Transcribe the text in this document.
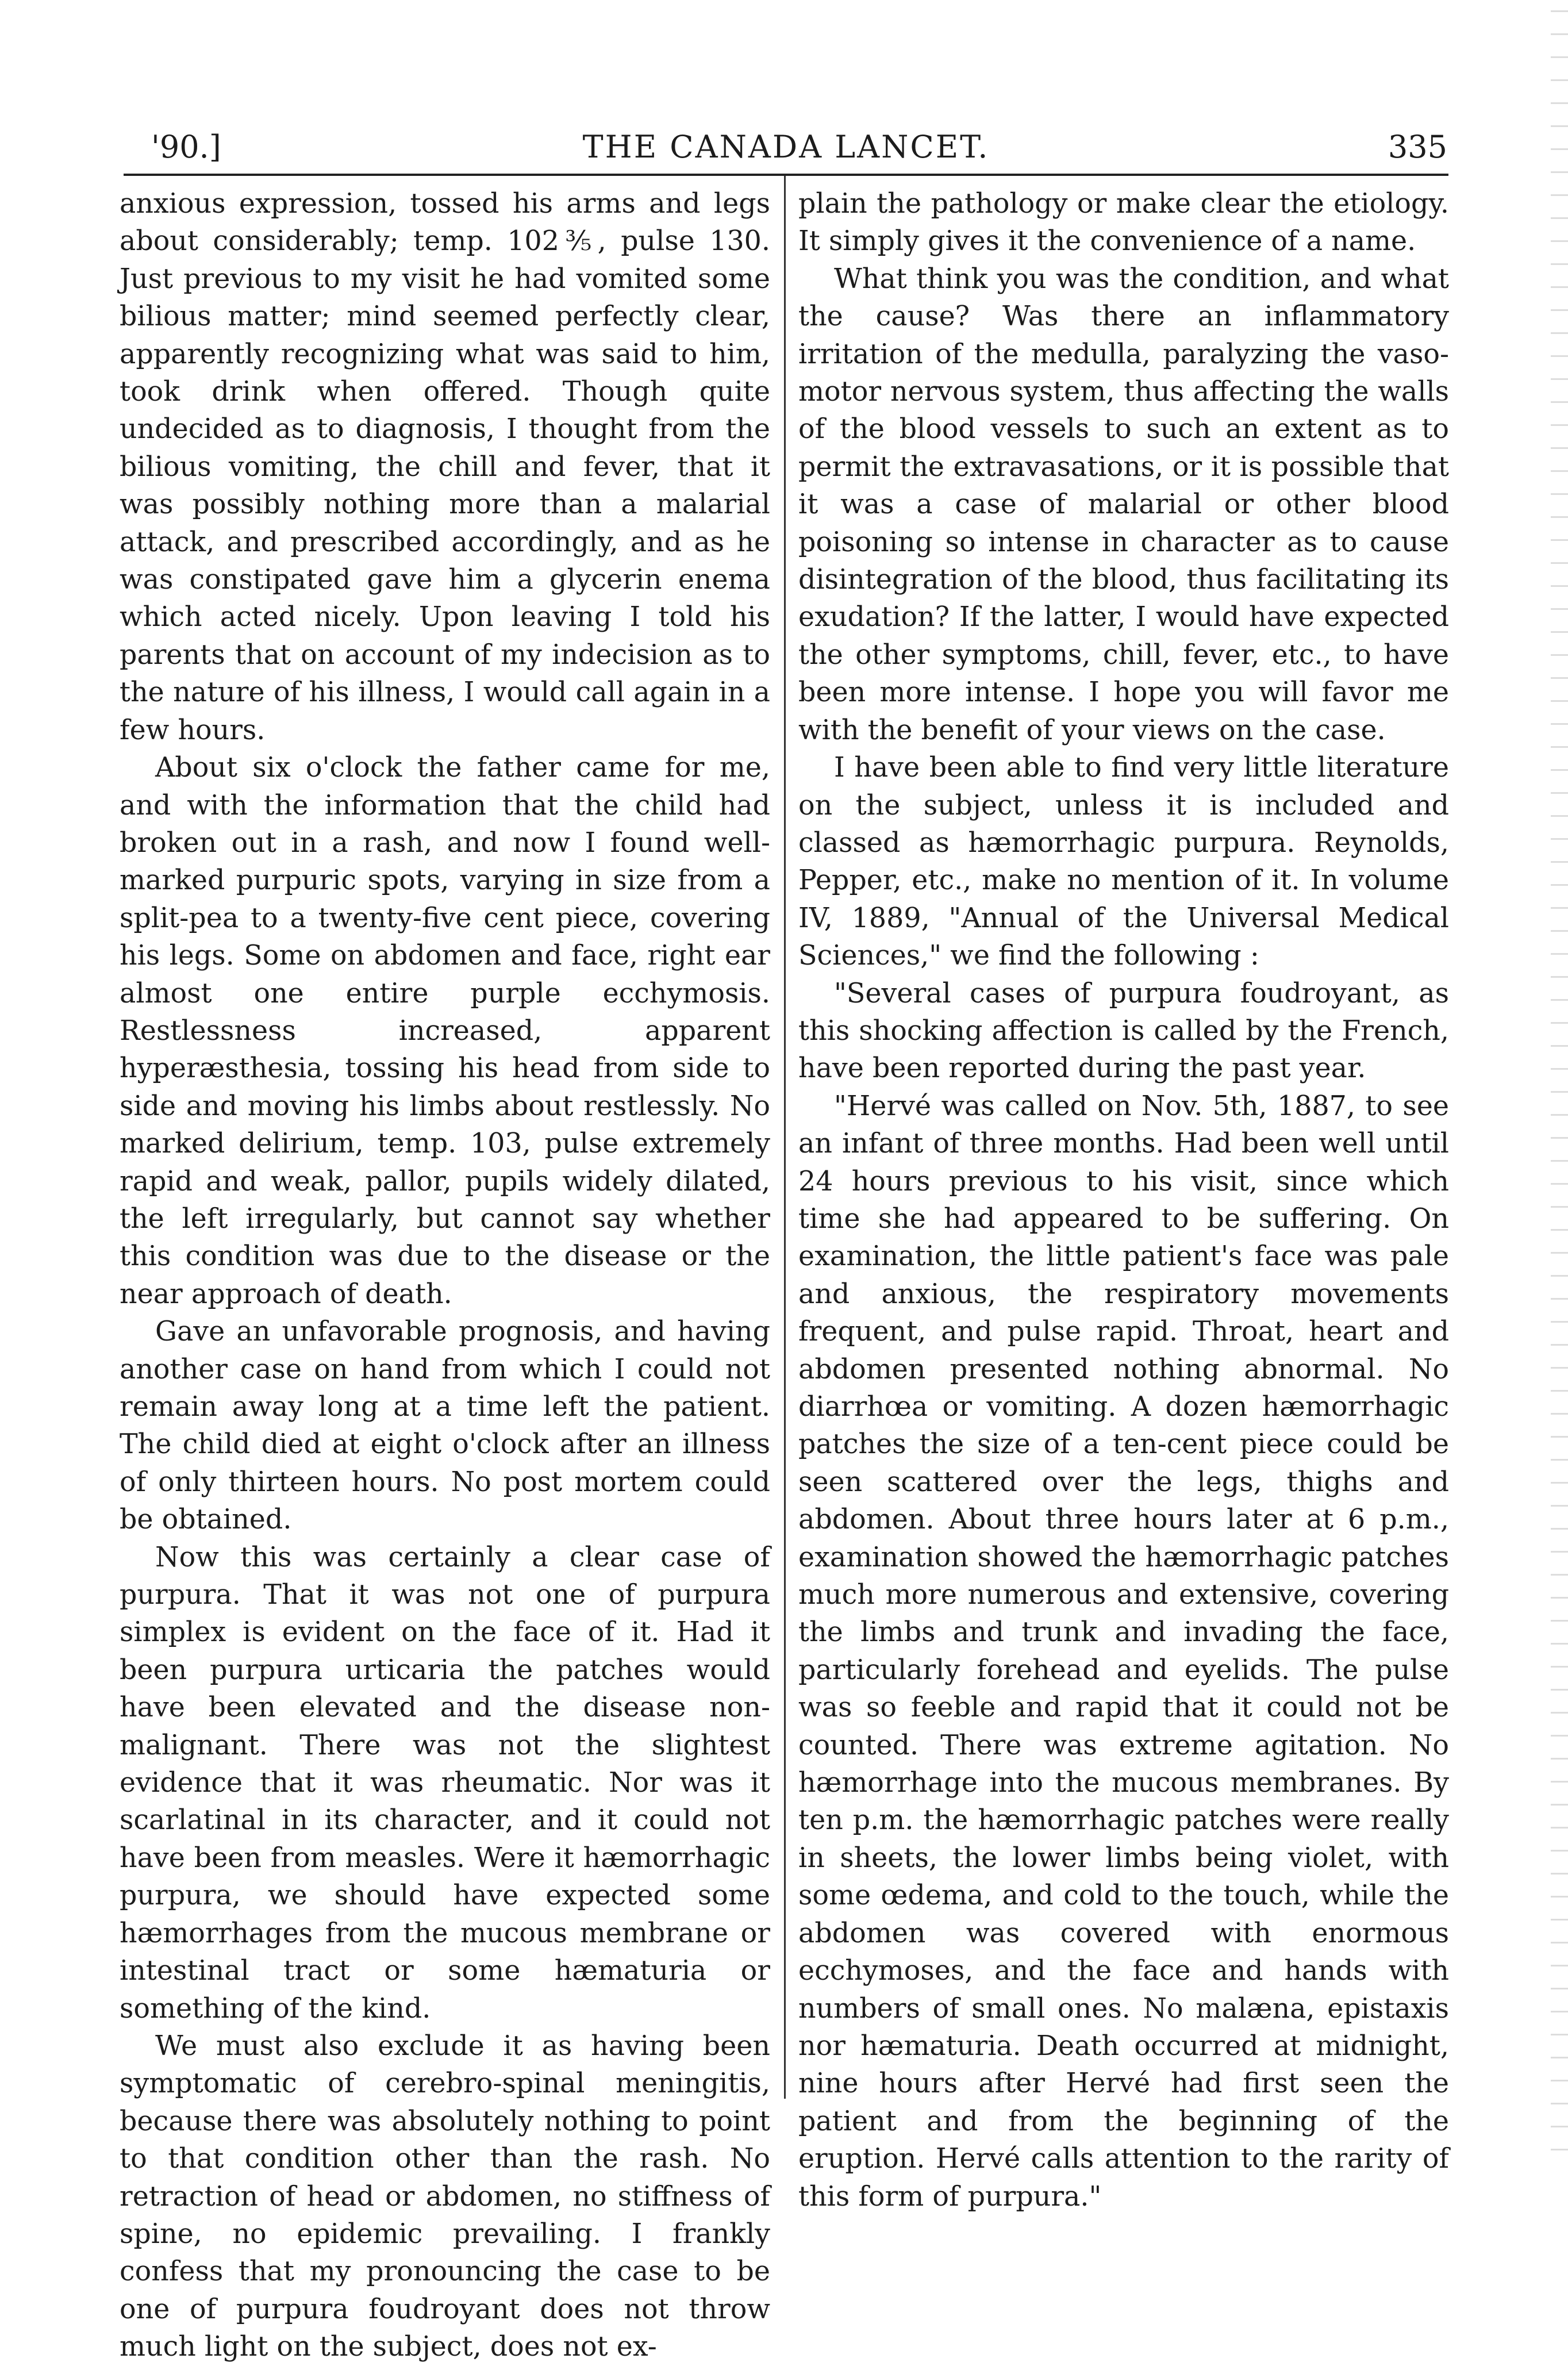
'90.]	THE CANADA LANCET.	335

anxious expression, tossed his arms and legs about considerably; temp. 102⅗, pulse 130. Just previous to my visit he had vomited some bilious matter; mind seemed perfectly clear, apparently recognizing what was said to him, took drink when offered. Though quite undecided as to diagnosis, I thought from the bilious vomiting, the chill and fever, that it was possibly nothing more than a malarial attack, and prescribed accordingly, and as he was constipated gave him a glycerin enema which acted nicely. Upon leaving I told his parents that on account of my indecision as to the nature of his illness, I would call again in a few hours.

About six o'clock the father came for me, and with the information that the child had broken out in a rash, and now I found well-marked purpuric spots, varying in size from a split-pea to a twenty-five cent piece, covering his legs. Some on abdomen and face, right ear almost one entire purple ecchymosis. Restlessness increased, apparent hyperæsthesia, tossing his head from side to side and moving his limbs about restlessly. No marked delirium, temp. 103, pulse extremely rapid and weak, pallor, pupils widely dilated, the left irregularly, but cannot say whether this condition was due to the disease or the near approach of death.

Gave an unfavorable prognosis, and having another case on hand from which I could not remain away long at a time left the patient. The child died at eight o'clock after an illness of only thirteen hours. No post mortem could be obtained.

Now this was certainly a clear case of purpura. That it was not one of purpura simplex is evident on the face of it. Had it been purpura urticaria the patches would have been elevated and the disease non-malignant. There was not the slightest evidence that it was rheumatic. Nor was it scarlatinal in its character, and it could not have been from measles. Were it hæmorrhagic purpura, we should have expected some hæmorrhages from the mucous membrane or intestinal tract or some hæmaturia or something of the kind.

We must also exclude it as having been symptomatic of cerebro-spinal meningitis, because there was absolutely nothing to point to that condition other than the rash. No retraction of head or abdomen, no stiffness of spine, no epidemic prevailing. I frankly confess that my pronouncing the case to be one of purpura foudroyant does not throw much light on the subject, does not ex-

plain the pathology or make clear the etiology. It simply gives it the convenience of a name.

What think you was the condition, and what the cause? Was there an inflammatory irritation of the medulla, paralyzing the vaso-motor nervous system, thus affecting the walls of the blood vessels to such an extent as to permit the extravasations, or it is possible that it was a case of malarial or other blood poisoning so intense in character as to cause disintegration of the blood, thus facilitating its exudation? If the latter, I would have expected the other symptoms, chill, fever, etc., to have been more intense. I hope you will favor me with the benefit of your views on the case.

I have been able to find very little literature on the subject, unless it is included and classed as hæmorrhagic purpura. Reynolds, Pepper, etc., make no mention of it. In volume IV, 1889, "Annual of the Universal Medical Sciences," we find the following :

"Several cases of purpura foudroyant, as this shocking affection is called by the French, have been reported during the past year.

"Hervé was called on Nov. 5th, 1887, to see an infant of three months. Had been well until 24 hours previous to his visit, since which time she had appeared to be suffering. On examination, the little patient's face was pale and anxious, the respiratory movements frequent, and pulse rapid. Throat, heart and abdomen presented nothing abnormal. No diarrhœa or vomiting. A dozen hæmorrhagic patches the size of a ten-cent piece could be seen scattered over the legs, thighs and abdomen. About three hours later at 6 p.m., examination showed the hæmorrhagic patches much more numerous and extensive, covering the limbs and trunk and invading the face, particularly forehead and eyelids. The pulse was so feeble and rapid that it could not be counted. There was extreme agitation. No hæmorrhage into the mucous membranes. By ten p.m. the hæmorrhagic patches were really in sheets, the lower limbs being violet, with some œdema, and cold to the touch, while the abdomen was covered with enormous ecchymoses, and the face and hands with numbers of small ones. No malæna, epistaxis nor hæmaturia. Death occurred at midnight, nine hours after Hervé had first seen the patient and from the beginning of the eruption. Hervé calls attention to the rarity of this form of purpura."
